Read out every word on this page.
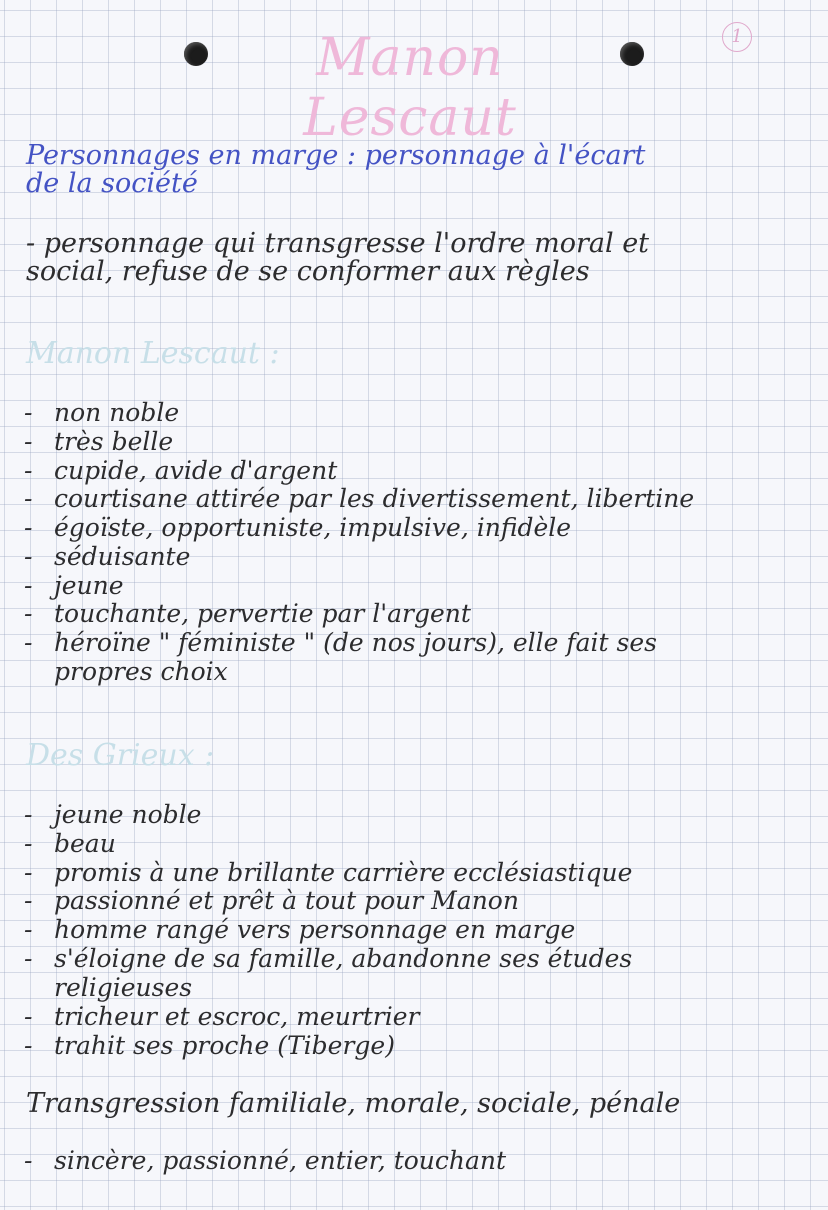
1
Manon Lescaut
Personnages en marge : personnage à l'écart
de la société
- personnage qui transgresse l'ordre moral et
social, refuse de se conformer aux règles
Manon Lescaut :
- non noble
- très belle
- cupide, avide d'argent
- courtisane attirée par les divertissement, libertine
- égoïste, opportuniste, impulsive, infidèle
- séduisante
- jeune
- touchante, pervertie par l'argent
- héroïne " féministe " (de nos jours), elle fait ses
propres choix
Des Grieux :
- jeune noble
- beau
- promis à une brillante carrière ecclésiastique
- passionné et prêt à tout pour Manon
- homme rangé vers personnage en marge
- s'éloigne de sa famille, abandonne ses études
religieuses
- tricheur et escroc, meurtrier
- trahit ses proche (Tiberge)
Transgression familiale, morale, sociale, pénale
- sincère, passionné, entier, touchant
